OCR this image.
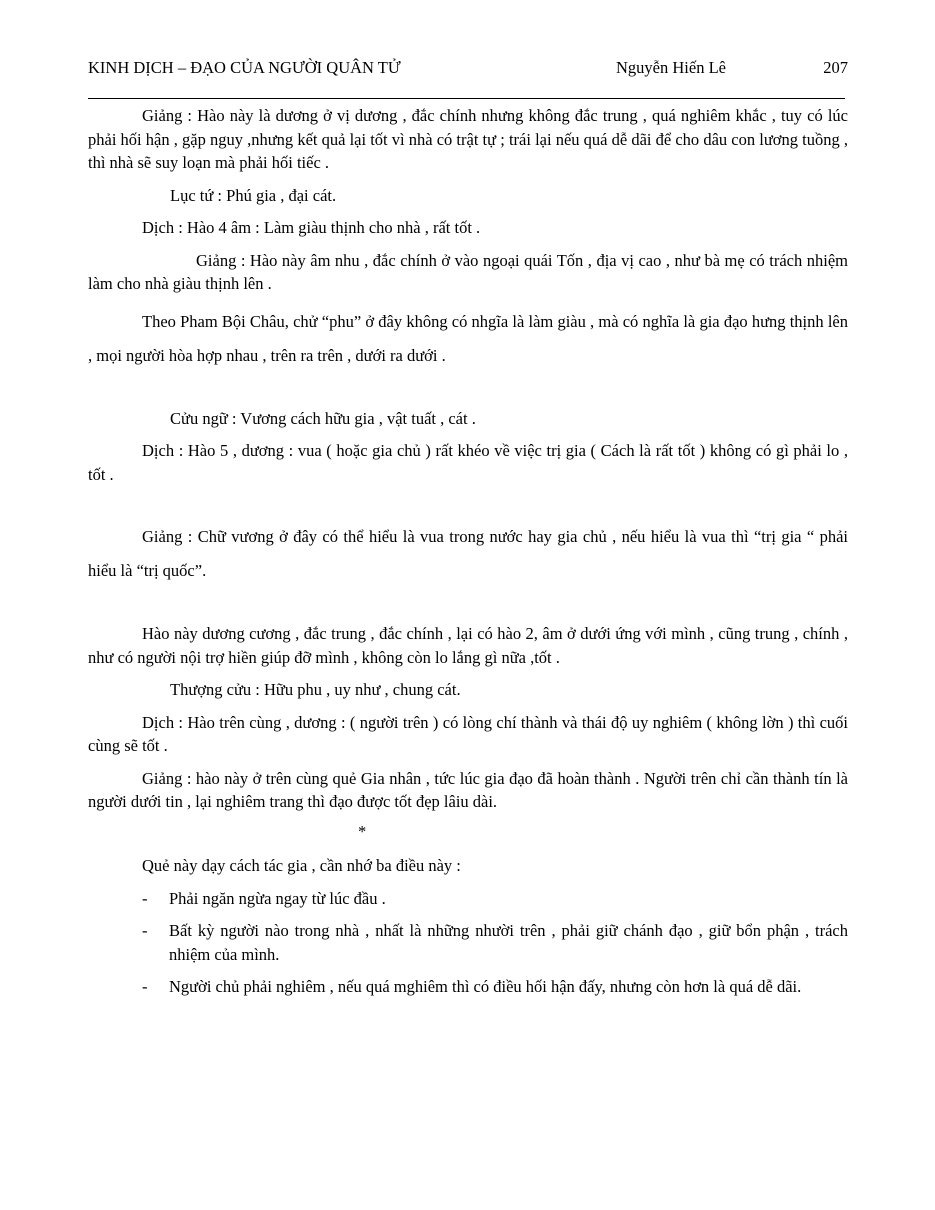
KINH DỊCH – ĐẠO CỦA NGƯỜI QUÂN TỬ	Nguyễn Hiến Lê	207

Giảng : Hào này là dương ở vị dương , đắc chính nhưng không đắc trung , quá nghiêm khắc , tuy có lúc phải hối hận , gặp nguy ,nhưng kết quả lại tốt vì nhà có trật tự ; trái lại nếu quá dễ dãi để cho dâu con lương tuồng , thì nhà sẽ suy loạn mà phải hối tiếc .

Lục tứ : Phú gia , đại cát.

Dịch : Hào 4 âm : Làm giàu thịnh cho nhà , rất tốt .

Giảng : Hào này âm nhu , đắc chính ở vào ngoại quái Tốn , địa vị cao , như bà mẹ có trách nhiệm làm cho nhà giàu thịnh lên .

Theo Pham Bội Châu, chử “phu” ở đây không có nhgĩa là làm giàu , mà có nghĩa là gia đạo hưng thịnh lên , mọi người hòa hợp nhau , trên ra trên , dưới ra dưới .

Cửu ngữ : Vương cách hữu gia , vật tuất , cát .

Dịch : Hào 5 , dương : vua ( hoặc gia chủ ) rất khéo về việc trị gia ( Cách là rất tốt ) không có gì phải lo , tốt .

Giảng : Chữ vương ở đây có thể hiểu là vua trong nước hay gia chủ , nếu hiểu là vua thì “trị gia “ phải hiểu là “trị quốc”.

Hào này dương cương , đắc trung , đắc chính , lại có hào 2, âm ở dưới ứng với mình , cũng trung , chính , như có người nội trợ hiền giúp đỡ mình , không còn lo lắng gì nữa ,tốt .

Thượng cửu : Hữu phu , uy như , chung cát.

Dịch : Hào trên cùng , dương : ( người trên ) có lòng chí thành và thái độ uy nghiêm ( không lờn ) thì cuối cùng sẽ tốt .

Giảng : hào này ở trên cùng quẻ Gia nhân , tức lúc gia đạo đã hoàn thành . Người trên chỉ cần thành tín là người dưới tin , lại nghiêm trang thì đạo được tốt đẹp lâiu dài.

*

Quẻ này dạy cách tác gia , cần nhớ ba điều này :

- Phải ngăn ngừa ngay từ lúc đầu .
- Bất kỳ người nào trong nhà , nhất là những nhười trên , phải giữ chánh đạo , giữ bổn phận , trách nhiệm của mình.
- Người chủ phải nghiêm , nếu quá mghiêm thì có điều hối hận đấy, nhưng còn hơn là quá dễ dãi.
